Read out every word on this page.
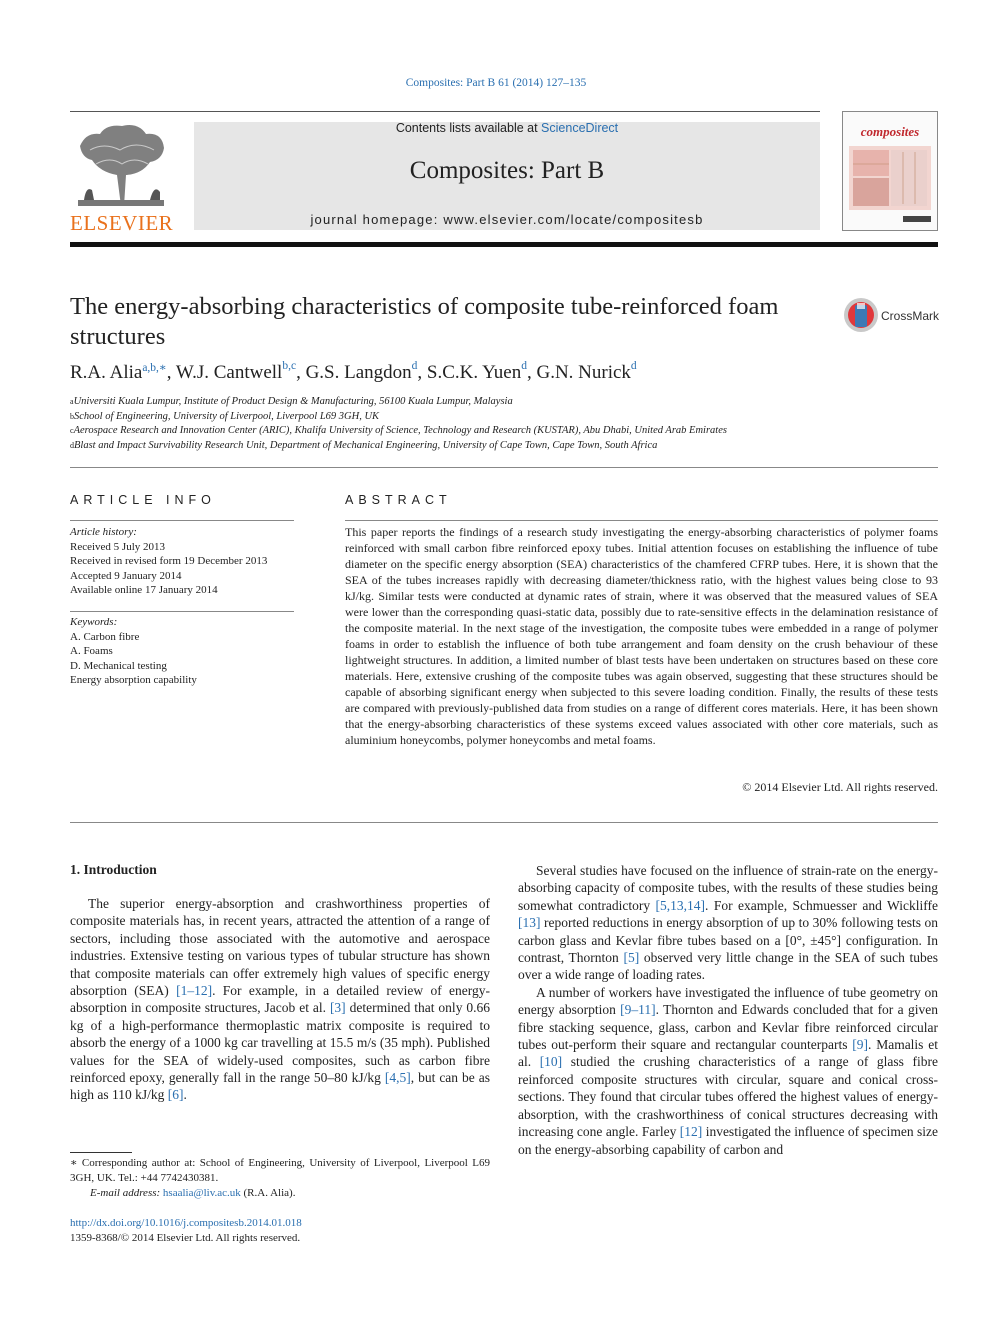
Composites: Part B 61 (2014) 127–135
ELSEVIER
Contents lists available at ScienceDirect
Composites: Part B
journal homepage: www.elsevier.com/locate/compositesb
composites
The energy-absorbing characteristics of composite tube-reinforced foam structures
CrossMark
R.A. Alia$^{a,b,∗}$, W.J. Cantwell$^{b,c}$, G.S. Langdon$^d$, S.C.K. Yuen$^d$, G.N. Nurick$^d$
$^a$Universiti Kuala Lumpur, Institute of Product Design & Manufacturing, 56100 Kuala Lumpur, Malaysia
$^b$School of Engineering, University of Liverpool, Liverpool L69 3GH, UK
$^c$Aerospace Research and Innovation Center (ARIC), Khalifa University of Science, Technology and Research (KUSTAR), Abu Dhabi, United Arab Emirates
$^d$Blast and Impact Survivability Research Unit, Department of Mechanical Engineering, University of Cape Town, Cape Town, South Africa
ARTICLE INFO
Article history:
Received 5 July 2013
Received in revised form 19 December 2013
Accepted 9 January 2014
Available online 17 January 2014
Keywords:
A. Carbon fibre
A. Foams
D. Mechanical testing
Energy absorption capability
ABSTRACT
This paper reports the findings of a research study investigating the energy-absorbing characteristics of polymer foams reinforced with small carbon fibre reinforced epoxy tubes. Initial attention focuses on establishing the influence of tube diameter on the specific energy absorption (SEA) characteristics of the chamfered CFRP tubes. Here, it is shown that the SEA of the tubes increases rapidly with decreasing diameter/thickness ratio, with the highest values being close to 93 kJ/kg. Similar tests were conducted at dynamic rates of strain, where it was observed that the measured values of SEA were lower than the corresponding quasi-static data, possibly due to rate-sensitive effects in the delamination resistance of the composite material. In the next stage of the investigation, the composite tubes were embedded in a range of polymer foams in order to establish the influence of both tube arrangement and foam density on the crush behaviour of these lightweight structures. In addition, a limited number of blast tests have been undertaken on structures based on these core materials. Here, extensive crushing of the composite tubes was again observed, suggesting that these structures should be capable of absorbing significant energy when subjected to this severe loading condition. Finally, the results of these tests are compared with previously-published data from studies on a range of different cores materials. Here, it has been shown that the energy-absorbing characteristics of these systems exceed values associated with other core materials, such as aluminium honeycombs, polymer honeycombs and metal foams.
© 2014 Elsevier Ltd. All rights reserved.
1. Introduction

The superior energy-absorption and crashworthiness properties of composite materials has, in recent years, attracted the attention of a range of sectors, including those associated with the automotive and aerospace industries. Extensive testing on various types of tubular structure has shown that composite materials can offer extremely high values of specific energy absorption (SEA) [1–12]. For example, in a detailed review of energy-absorption in composite structures, Jacob et al. [3] determined that only 0.66 kg of a high-performance thermoplastic matrix composite is required to absorb the energy of a 1000 kg car travelling at 15.5 m/s (35 mph). Published values for the SEA of widely-used composites, such as carbon fibre reinforced epoxy, generally fall in the range 50–80 kJ/kg [4,5], but can be as high as 110 kJ/kg [6].

Several studies have focused on the influence of strain-rate on the energy-absorbing capacity of composite tubes, with the results of these studies being somewhat contradictory [5,13,14]. For example, Schmuesser and Wickliffe [13] reported reductions in energy absorption of up to 30% following tests on carbon glass and Kevlar fibre tubes based on a [0°, ±45°] configuration. In contrast, Thornton [5] observed very little change in the SEA of such tubes over a wide range of loading rates.

A number of workers have investigated the influence of tube geometry on energy absorption [9–11]. Thornton and Edwards concluded that for a given fibre stacking sequence, glass, carbon and Kevlar fibre reinforced circular tubes out-perform their square and rectangular counterparts [9]. Mamalis et al. [10] studied the crushing characteristics of a range of glass fibre reinforced composite structures with circular, square and conical cross-sections. They found that circular tubes offered the highest values of energy-absorption, with the crashworthiness of conical structures decreasing with increasing cone angle. Farley [12] investigated the influence of specimen size on the energy-absorbing capability of carbon and

∗ Corresponding author at: School of Engineering, University of Liverpool, Liverpool L69 3GH, UK. Tel.: +44 7742430381.
E-mail address: hsaalia@liv.ac.uk (R.A. Alia).
http://dx.doi.org/10.1016/j.compositesb.2014.01.018
1359-8368/© 2014 Elsevier Ltd. All rights reserved.
